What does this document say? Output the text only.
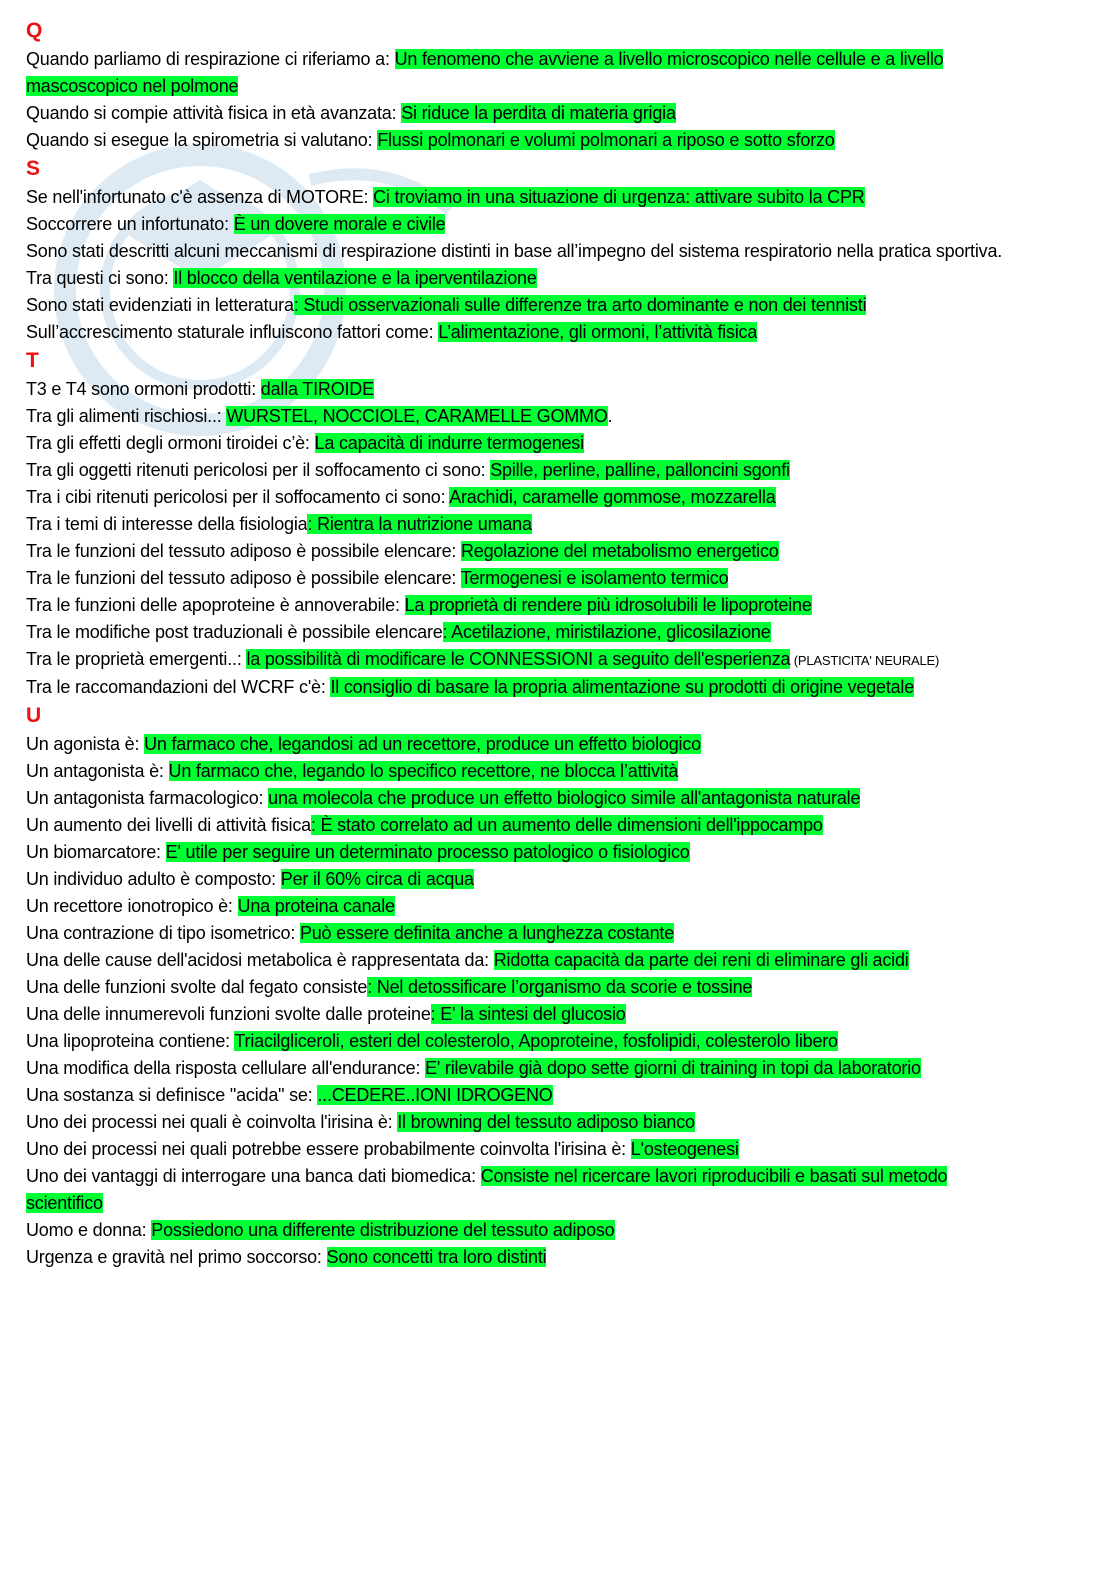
Q
Quando parliamo di respirazione ci riferiamo a: Un fenomeno che avviene a livello microscopico nelle cellule e a livello mascoscopico nel polmone
Quando si compie attività fisica in età avanzata: Si riduce la perdita di materia grigia
Quando si esegue la spirometria si valutano: Flussi polmonari e volumi polmonari a riposo e sotto sforzo
S
Se nell'infortunato c'è assenza di MOTORE: Ci troviamo in una situazione di urgenza: attivare subito la CPR
Soccorrere un infortunato: È un dovere morale e civile
Sono stati descritti alcuni meccanismi di respirazione distinti in base all’impegno del sistema respiratorio nella pratica sportiva. Tra questi ci sono: Il blocco della ventilazione e la iperventilazione
Sono stati evidenziati in letteratura: Studi osservazionali sulle differenze tra arto dominante e non dei tennisti
Sull’accrescimento staturale influiscono fattori come: L’alimentazione, gli ormoni, l’attività fisica
T
T3 e T4 sono ormoni prodotti: dalla TIROIDE
Tra gli alimenti rischiosi..: WURSTEL, NOCCIOLE, CARAMELLE GOMMO.
Tra gli effetti degli ormoni tiroidei c’è: La capacità di indurre termogenesi
Tra gli oggetti ritenuti pericolosi per il soffocamento ci sono: Spille, perline, palline, palloncini sgonfi
Tra i cibi ritenuti pericolosi per il soffocamento ci sono: Arachidi, caramelle gommose, mozzarella
Tra i temi di interesse della fisiologia: Rientra la nutrizione umana
Tra le funzioni del tessuto adiposo è possibile elencare: Regolazione del metabolismo energetico
Tra le funzioni del tessuto adiposo è possibile elencare: Termogenesi e isolamento termico
Tra le funzioni delle apoproteine è annoverabile: La proprietà di rendere più idrosolubili le lipoproteine
Tra le modifiche post traduzionali è possibile elencare: Acetilazione, miristilazione, glicosilazione
Tra le proprietà emergenti..: la possibilità di modificare le CONNESSIONI a seguito dell'esperienza (PLASTICITA' NEURALE)
Tra le raccomandazioni del WCRF c'è: Il consiglio di basare la propria alimentazione su prodotti di origine vegetale
U
Un agonista è: Un farmaco che, legandosi ad un recettore, produce un effetto biologico
Un antagonista è: Un farmaco che, legando lo specifico recettore, ne blocca l’attività
Un antagonista farmacologico: una molecola che produce un effetto biologico simile all'antagonista naturale
Un aumento dei livelli di attività fisica: È stato correlato ad un aumento delle dimensioni dell'ippocampo
Un biomarcatore: E' utile per seguire un determinato processo patologico o fisiologico
Un individuo adulto è composto: Per il 60% circa di acqua
Un recettore ionotropico è: Una proteina canale
Una contrazione di tipo isometrico: Può essere definita anche a lunghezza costante
Una delle cause dell'acidosi metabolica è rappresentata da: Ridotta capacità da parte dei reni di eliminare gli acidi
Una delle funzioni svolte dal fegato consiste: Nel detossificare l’organismo da scorie e tossine
Una delle innumerevoli funzioni svolte dalle proteine: E' la sintesi del glucosio
Una lipoproteina contiene: Triacilgliceroli, esteri del colesterolo, Apoproteine, fosfolipidi, colesterolo libero
Una modifica della risposta cellulare all'endurance: E' rilevabile già dopo sette giorni di training in topi da laboratorio
Una sostanza si definisce "acida" se: ...CEDERE..IONI IDROGENO
Uno dei processi nei quali è coinvolta l'irisina è: Il browning del tessuto adiposo bianco
Uno dei processi nei quali potrebbe essere probabilmente coinvolta l'irisina è: L'osteogenesi
Uno dei vantaggi di interrogare una banca dati biomedica: Consiste nel ricercare lavori riproducibili e basati sul metodo scientifico
Uomo e donna: Possiedono una differente distribuzione del tessuto adiposo
Urgenza e gravità nel primo soccorso: Sono concetti tra loro distinti
